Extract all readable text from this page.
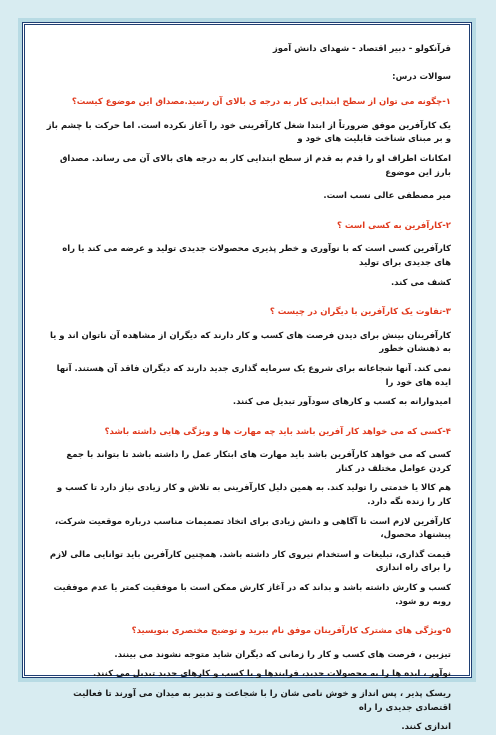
قرآنکولو - دبیر اقتصاد - شهدای دانش آموز
سوالات درس:
۱-چگونه می توان از سطح ابتدایی کار به درجه ی بالای آن رسید.مصداق این موضوع کیست؟
یک کارآفرین موفق ضرورتاً از ابتدا شغل کارآفرینی خود را آغاز نکرده است. اما حرکت با چشم باز و بر مبنای شناخت قابلیت های خود و
امکانات اطراف او را قدم به قدم از سطح ابتدایی کار به درجه های بالای آن می رساند. مصداق بارز این موضوع
میر مصطفی عالی نسب است.
۲-کارآفرین به کسی است ؟
کارآفرین کسی است که با نوآوری و خطر پذیری محصولات جدیدی تولید و عرضه می کند یا راه های جدیدی برای تولید
کشف می کند.
۳-تفاوت یک کارآفرین با دیگران در چیست ؟
کارآفرینان بینش برای دیدن فرصت های کسب و کار دارند که دیگران از مشاهده آن ناتوان اند و یا به ذهنشان خطور
نمی کند. آنها شجاعانه برای شروع یک سرمایه گذاری جدید دارند که دیگران فاقد آن هستند. آنها ایده های خود را
امیدوارانه به کسب و کارهای سودآور تبدیل می کنند.
۴-کسی که می خواهد کار آفرین باشد باید چه مهارت ها و ویژگی هایی داشته باشد؟
کسی که می خواهد کارآفرین باشد باید مهارت های ابتکار عمل را داشته باشد تا بتواند با جمع کردن عوامل مختلف در کنار
هم کالا یا خدمتی را تولید کند. به همین دلیل کارآفرینی به تلاش و کار زیادی نیاز دارد تا کسب و کار را زنده نگه دارد.
کارآفرین لازم است تا آگاهی و دانش زیادی برای اتخاذ تصمیمات مناسب درباره موقعیت شرکت، پیشنهاد محصول،
قیمت گذاری، تبلیغات و استخدام نیروی کار داشته باشد. همچنین کارآفرین باید توانایی مالی لازم را برای راه اندازی
کسب و کارش داشته باشد و بداند که در آغاز کارش ممکن است با موفقیت کمتر یا عدم موفقیت روبه رو شود.
۵-ویژگی های مشترک کارآفرینان موفق نام ببرید و توضیح مختصری بنویسید؟
تیزبین ، فرصت های کسب و کار را زمانی که دیگران شاید متوجه نشوند می بینند.
نوآور ، ایده ها را به محصولات جدید، فرایندها و یا کسب و کارهای جدید تبدیل می کنند.
ریسک پذیر ، پس انداز و خوش نامی شان را با شجاعت و تدبیر به میدان می آورند تا فعالیت اقتصادی جدیدی را راه
اندازی کنند.
